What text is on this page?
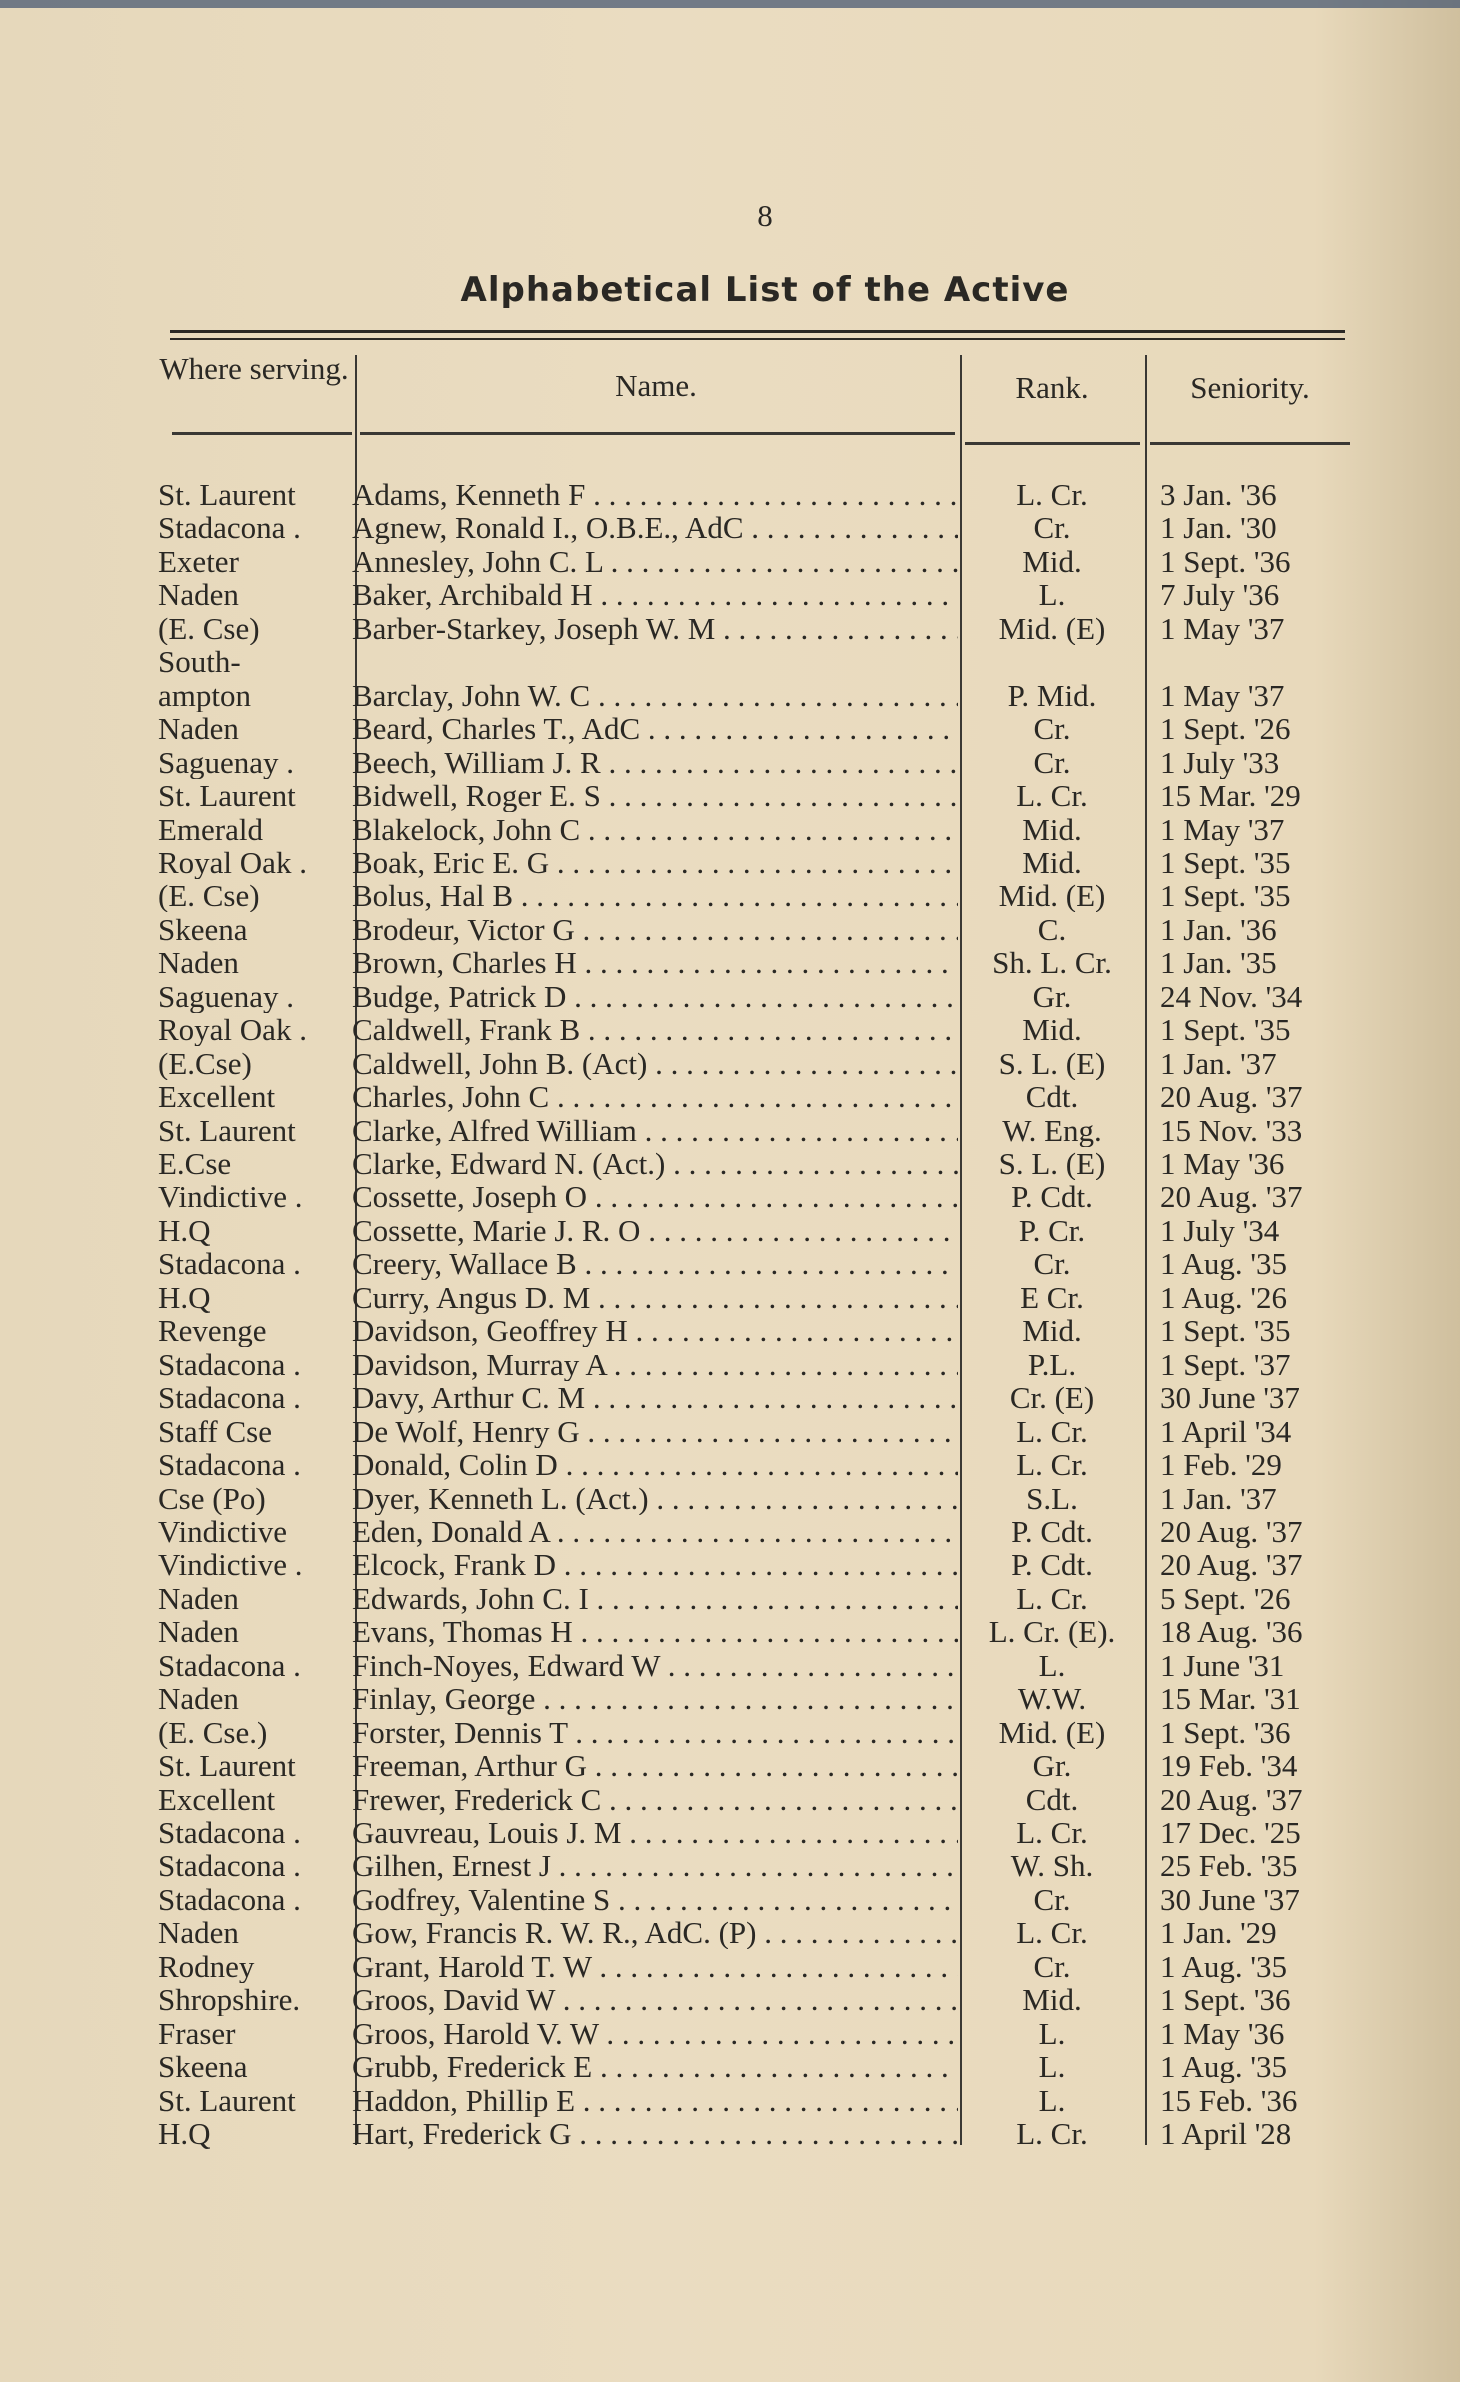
8
Alphabetical List of the Active
Where serving.	Name.	Rank.	Seniority.
St. Laurent	Adams, Kenneth F . . .	L. Cr.	3 Jan. '36
Stadacona .	Agnew, Ronald I., O.B.E., AdC . . .	Cr.	1 Jan. '30
Exeter	Annesley, John C. L . . .	Mid.	1 Sept. '36
Naden	Baker, Archibald H . . .	L.	7 July '36
(E. Cse)	Barber-Starkey, Joseph W. M . . .	Mid. (E)	1 May '37
South-
ampton	Barclay, John W. C . . .	P. Mid.	1 May '37
Naden	Beard, Charles T., AdC . . .	Cr.	1 Sept. '26
Saguenay .	Beech, William J. R . . .	Cr.	1 July '33
St. Laurent	Bidwell, Roger E. S . . .	L. Cr.	15 Mar. '29
Emerald	Blakelock, John C . . .	Mid.	1 May '37
Royal Oak .	Boak, Eric E. G . . .	Mid.	1 Sept. '35
(E. Cse)	Bolus, Hal B . . .	Mid. (E)	1 Sept. '35
Skeena	Brodeur, Victor G . . .	C.	1 Jan. '36
Naden	Brown, Charles H . . .	Sh. L. Cr.	1 Jan. '35
Saguenay .	Budge, Patrick D . . .	Gr.	24 Nov. '34
Royal Oak .	Caldwell, Frank B . . .	Mid.	1 Sept. '35
(E.Cse)	Caldwell, John B. (Act) . . .	S. L. (E)	1 Jan. '37
Excellent	Charles, John C . . .	Cdt.	20 Aug. '37
St. Laurent	Clarke, Alfred William . . .	W. Eng.	15 Nov. '33
E.Cse	Clarke, Edward N. (Act.) . . .	S. L. (E)	1 May '36
Vindictive .	Cossette, Joseph O . . .	P. Cdt.	20 Aug. '37
H.Q	Cossette, Marie J. R. O . . .	P. Cr.	1 July '34
Stadacona .	Creery, Wallace B . . .	Cr.	1 Aug. '35
H.Q	Curry, Angus D. M . . .	E Cr.	1 Aug. '26
Revenge	Davidson, Geoffrey H . . .	Mid.	1 Sept. '35
Stadacona .	Davidson, Murray A . . .	P.L.	1 Sept. '37
Stadacona .	Davy, Arthur C. M . . .	Cr. (E)	30 June '37
Staff Cse	De Wolf, Henry G . . .	L. Cr.	1 April '34
Stadacona .	Donald, Colin D . . .	L. Cr.	1 Feb. '29
Cse (Po)	Dyer, Kenneth L. (Act.) . . .	S.L.	1 Jan. '37
Vindictive	Eden, Donald A . . .	P. Cdt.	20 Aug. '37
Vindictive .	Elcock, Frank D . . .	P. Cdt.	20 Aug. '37
Naden	Edwards, John C. I . . .	L. Cr.	5 Sept. '26
Naden	Evans, Thomas H . . .	L. Cr. (E).	18 Aug. '36
Stadacona .	Finch-Noyes, Edward W . . .	L.	1 June '31
Naden	Finlay, George . . .	W.W.	15 Mar. '31
(E. Cse.)	Forster, Dennis T . . .	Mid. (E)	1 Sept. '36
St. Laurent	Freeman, Arthur G . . .	Gr.	19 Feb. '34
Excellent	Frewer, Frederick C . . .	Cdt.	20 Aug. '37
Stadacona .	Gauvreau, Louis J. M . . .	L. Cr.	17 Dec. '25
Stadacona .	Gilhen, Ernest J . . .	W. Sh.	25 Feb. '35
Stadacona .	Godfrey, Valentine S . . .	Cr.	30 June '37
Naden	Gow, Francis R. W. R., AdC. (P) . . .	L. Cr.	1 Jan. '29
Rodney	Grant, Harold T. W . . .	Cr.	1 Aug. '35
Shropshire.	Groos, David W . . .	Mid.	1 Sept. '36
Fraser	Groos, Harold V. W . . .	L.	1 May '36
Skeena	Grubb, Frederick E . . .	L.	1 Aug. '35
St. Laurent	Haddon, Phillip E . . .	L.	15 Feb. '36
H.Q	Hart, Frederick G . . .	L. Cr.	1 April '28
